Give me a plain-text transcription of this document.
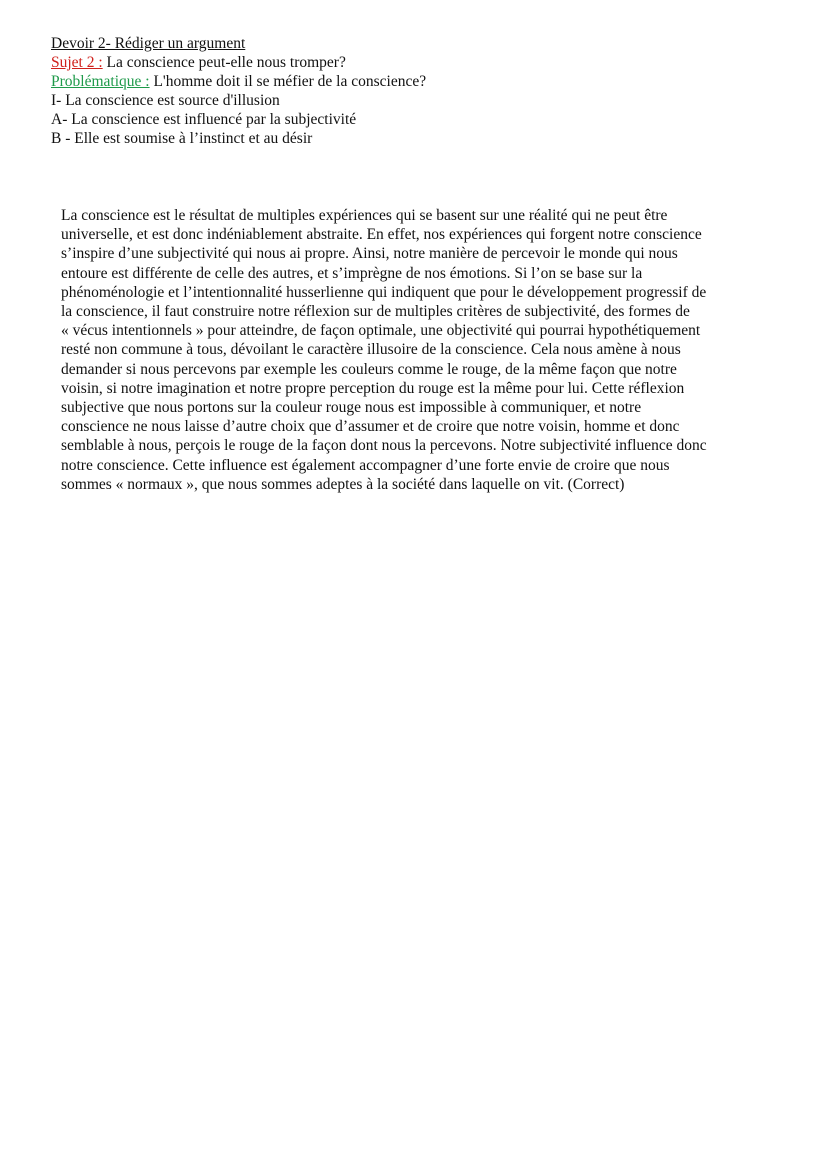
Devoir 2- Rédiger un argument

Sujet 2 : La conscience peut-elle nous tromper?

Problématique : L'homme doit il se méfier de la conscience?

I- La conscience est source d'illusion

A- La conscience est influencé par la subjectivité

B - Elle est soumise à l’instinct et au désir

La conscience est le résultat de multiples expériences qui se basent sur une réalité qui ne peut être
universelle, et est donc indéniablement abstraite. En effet, nos expériences qui forgent notre conscience
s’inspire d’une subjectivité qui nous ai propre. Ainsi, notre manière de percevoir le monde qui nous
entoure est différente de celle des autres, et s’imprègne de nos émotions. Si l’on se base sur la
phénoménologie et l’intentionnalité husserlienne qui indiquent que pour le développement progressif de
la conscience, il faut construire notre réflexion sur de multiples critères de subjectivité, des formes de
« vécus intentionnels » pour atteindre, de façon optimale, une objectivité qui pourrai hypothétiquement
resté non commune à tous, dévoilant le caractère illusoire de la conscience. Cela nous amène à nous
demander si nous percevons par exemple les couleurs comme le rouge, de la même façon que notre
voisin, si notre imagination et notre propre perception du rouge est la même pour lui. Cette réflexion
subjective que nous portons sur la couleur rouge nous est impossible à communiquer, et notre
conscience ne nous laisse d’autre choix que d’assumer et de croire que notre voisin, homme et donc
semblable à nous, perçois le rouge de la façon dont nous la percevons. Notre subjectivité influence donc
notre conscience. Cette influence est également accompagner d’une forte envie de croire que nous
sommes « normaux », que nous sommes adeptes à la société dans laquelle on vit. (Correct)
